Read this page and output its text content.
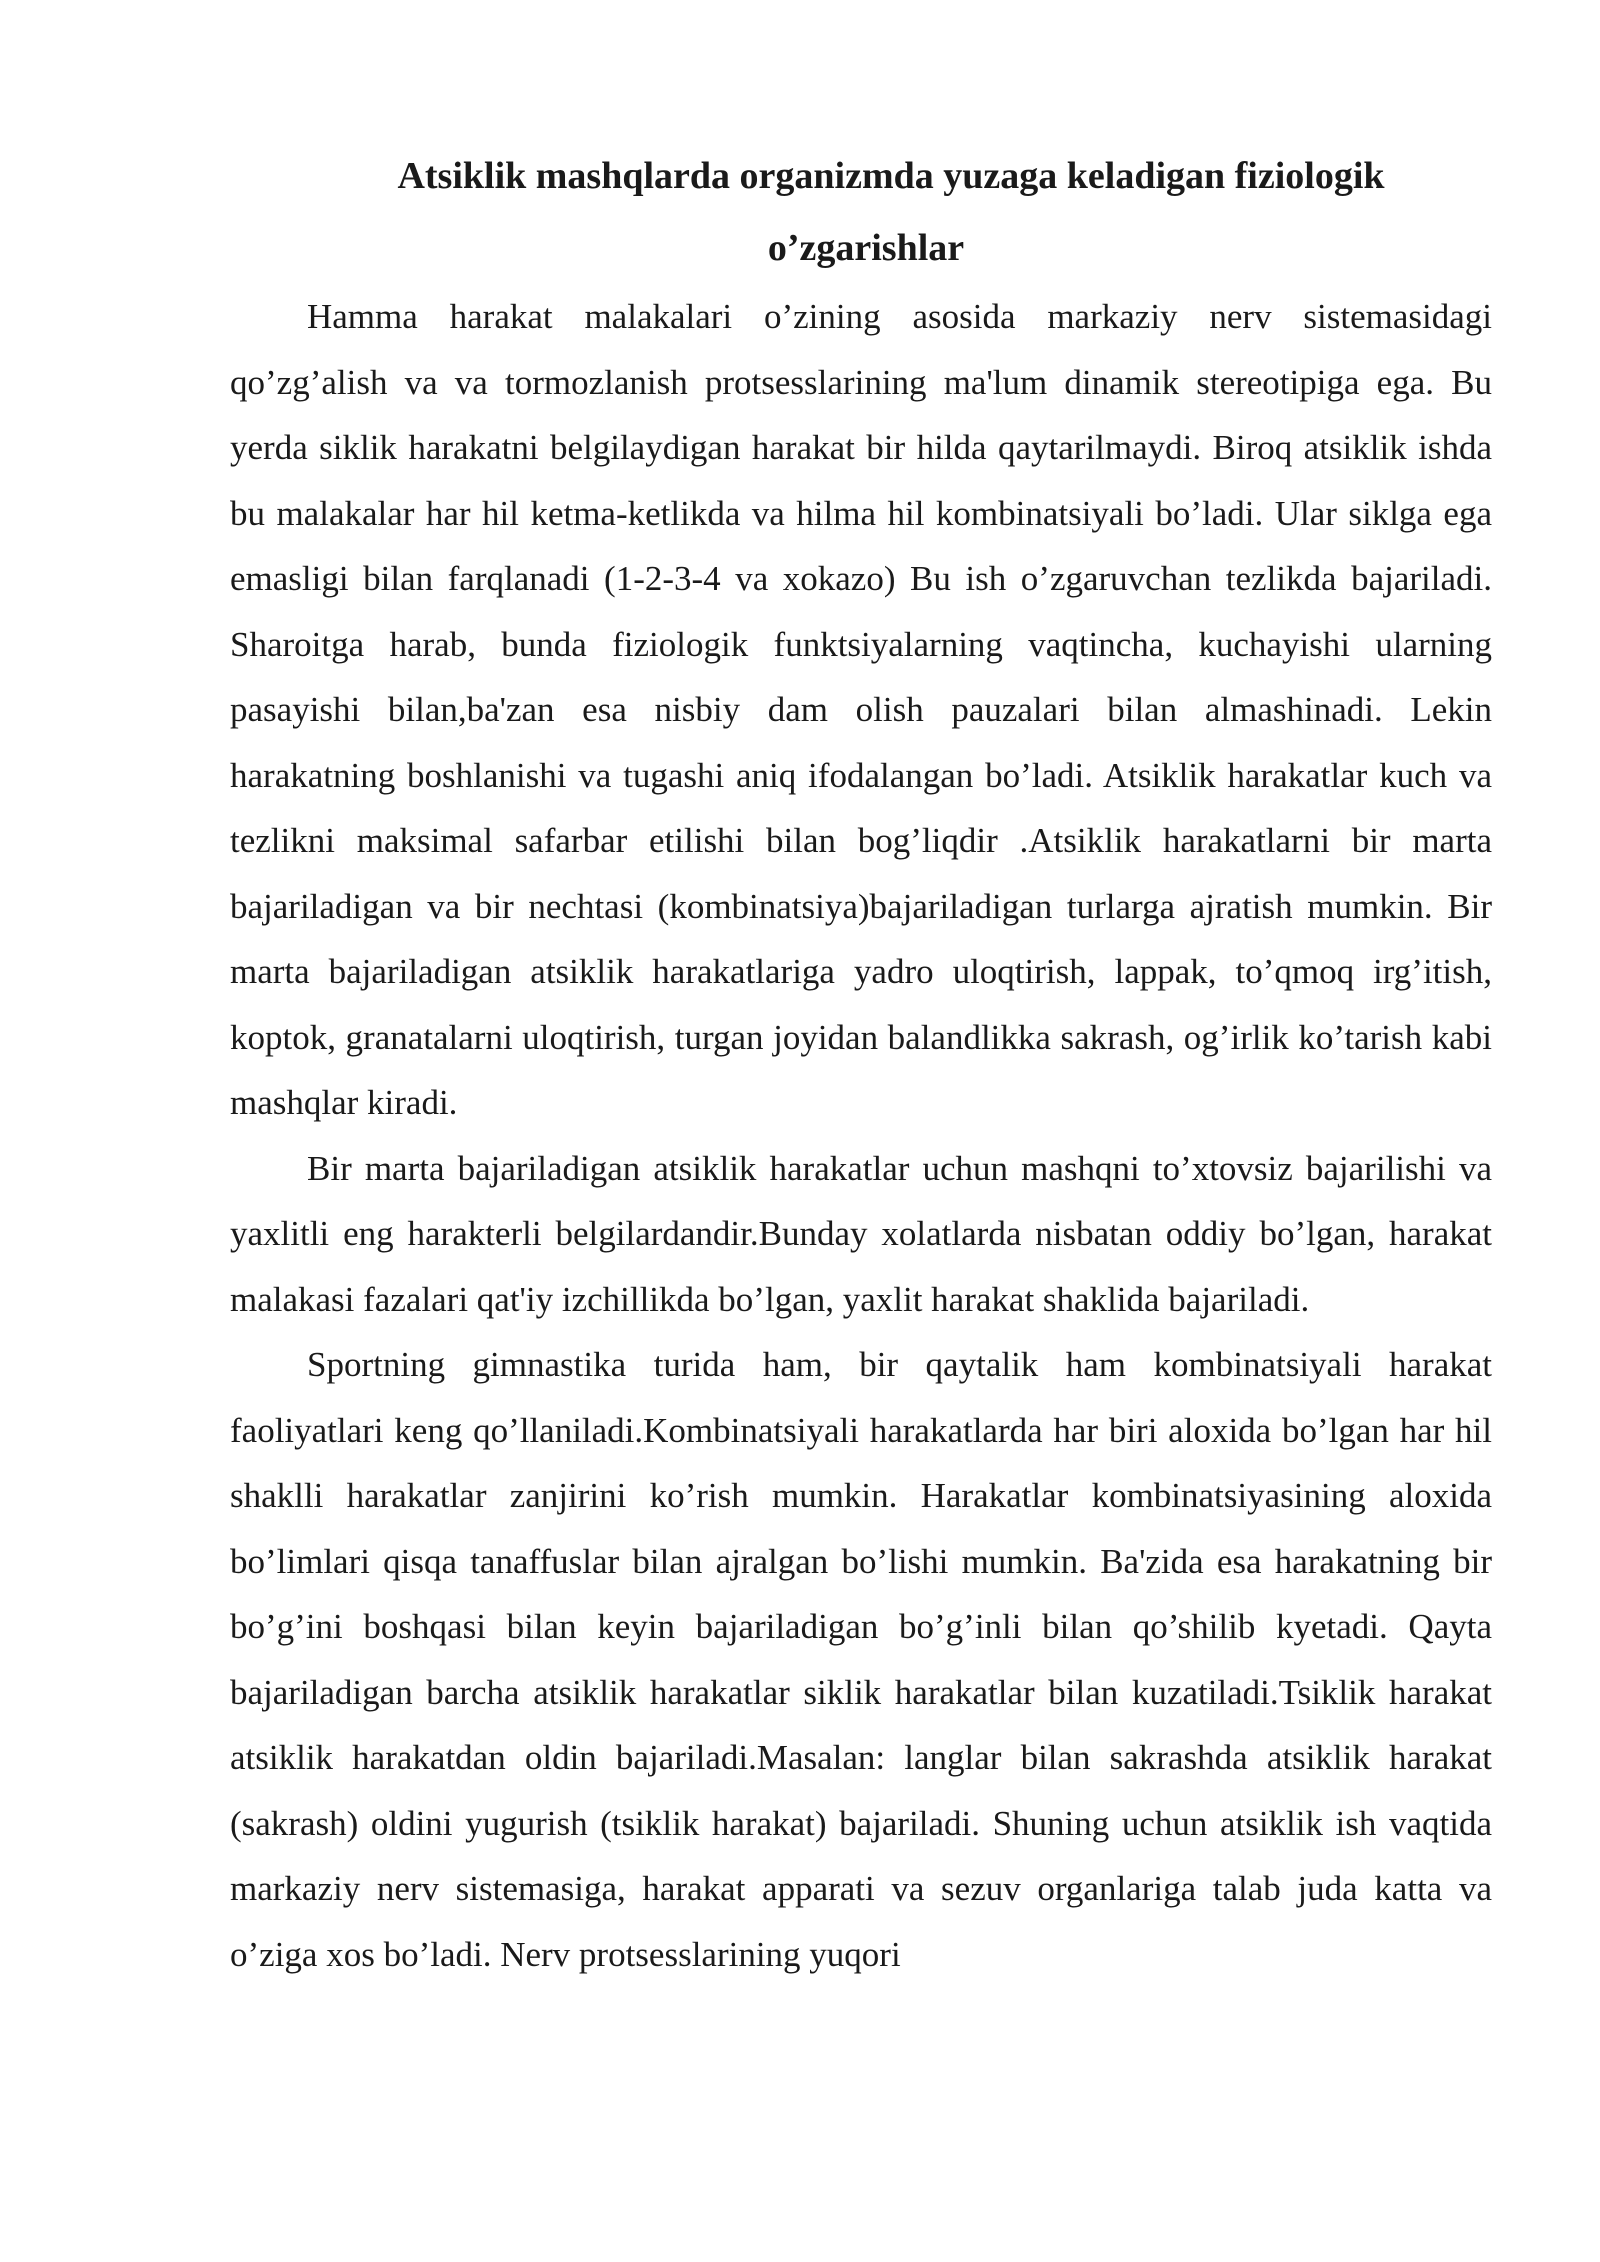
Atsiklik mashqlarda organizmda yuzaga keladigan fiziologik
o’zgarishlar

Hamma harakat malakalari o’zining asosida markaziy nerv sistemasidagi qo’zg’alish va va tormozlanish protsesslarining ma'lum dinamik stereotipiga ega. Bu yerda siklik harakatni belgilaydigan harakat bir hilda qaytarilmaydi. Biroq atsiklik ishda bu malakalar har hil ketma-ketlikda va hilma hil kombinatsiyali bo’ladi. Ular siklga ega emasligi bilan farqlanadi (1-2-3-4 va xokazo) Bu ish o’zgaruvchan tezlikda bajariladi. Sharoitga harab, bunda fiziologik funktsiyalarning vaqtincha, kuchayishi ularning pasayishi bilan,ba'zan esa nisbiy dam olish pauzalari bilan almashinadi. Lekin harakatning boshlanishi va tugashi aniq ifodalangan bo’ladi. Atsiklik harakatlar kuch va tezlikni maksimal safarbar etilishi bilan bog’liqdir .Atsiklik harakatlarni bir marta bajariladigan va bir nechtasi (kombinatsiya)bajariladigan turlarga ajratish mumkin. Bir marta bajariladigan atsiklik harakatlariga yadro uloqtirish, lappak, to’qmoq irg’itish, koptok, granatalarni uloqtirish, turgan joyidan balandlikka sakrash, og’irlik ko’tarish kabi mashqlar kiradi.

Bir marta bajariladigan atsiklik harakatlar uchun mashqni to’xtovsiz bajarilishi va yaxlitli eng harakterli belgilardandir.Bunday xolatlarda nisbatan oddiy bo’lgan, harakat malakasi fazalari qat'iy izchillikda bo’lgan, yaxlit harakat shaklida bajariladi.

Sportning gimnastika turida ham, bir qaytalik ham kombinatsiyali harakat faoliyatlari keng qo’llaniladi.Kombinatsiyali harakatlarda har biri aloxida bo’lgan har hil shaklli harakatlar zanjirini ko’rish mumkin. Harakatlar kombinatsiyasining aloxida bo’limlari qisqa tanaffuslar bilan ajralgan bo’lishi mumkin. Ba'zida esa harakatning bir bo’g’ini boshqasi bilan keyin bajariladigan bo’g’inli bilan qo’shilib kyetadi. Qayta bajariladigan barcha atsiklik harakatlar siklik harakatlar bilan kuzatiladi.Tsiklik harakat atsiklik harakatdan oldin bajariladi.Masalan: langlar bilan sakrashda atsiklik harakat (sakrash) oldini yugurish (tsiklik harakat) bajariladi. Shuning uchun atsiklik ish vaqtida markaziy nerv sistemasiga, harakat apparati va sezuv organlariga talab juda katta va o’ziga xos bo’ladi. Nerv protsesslarining yuqori
